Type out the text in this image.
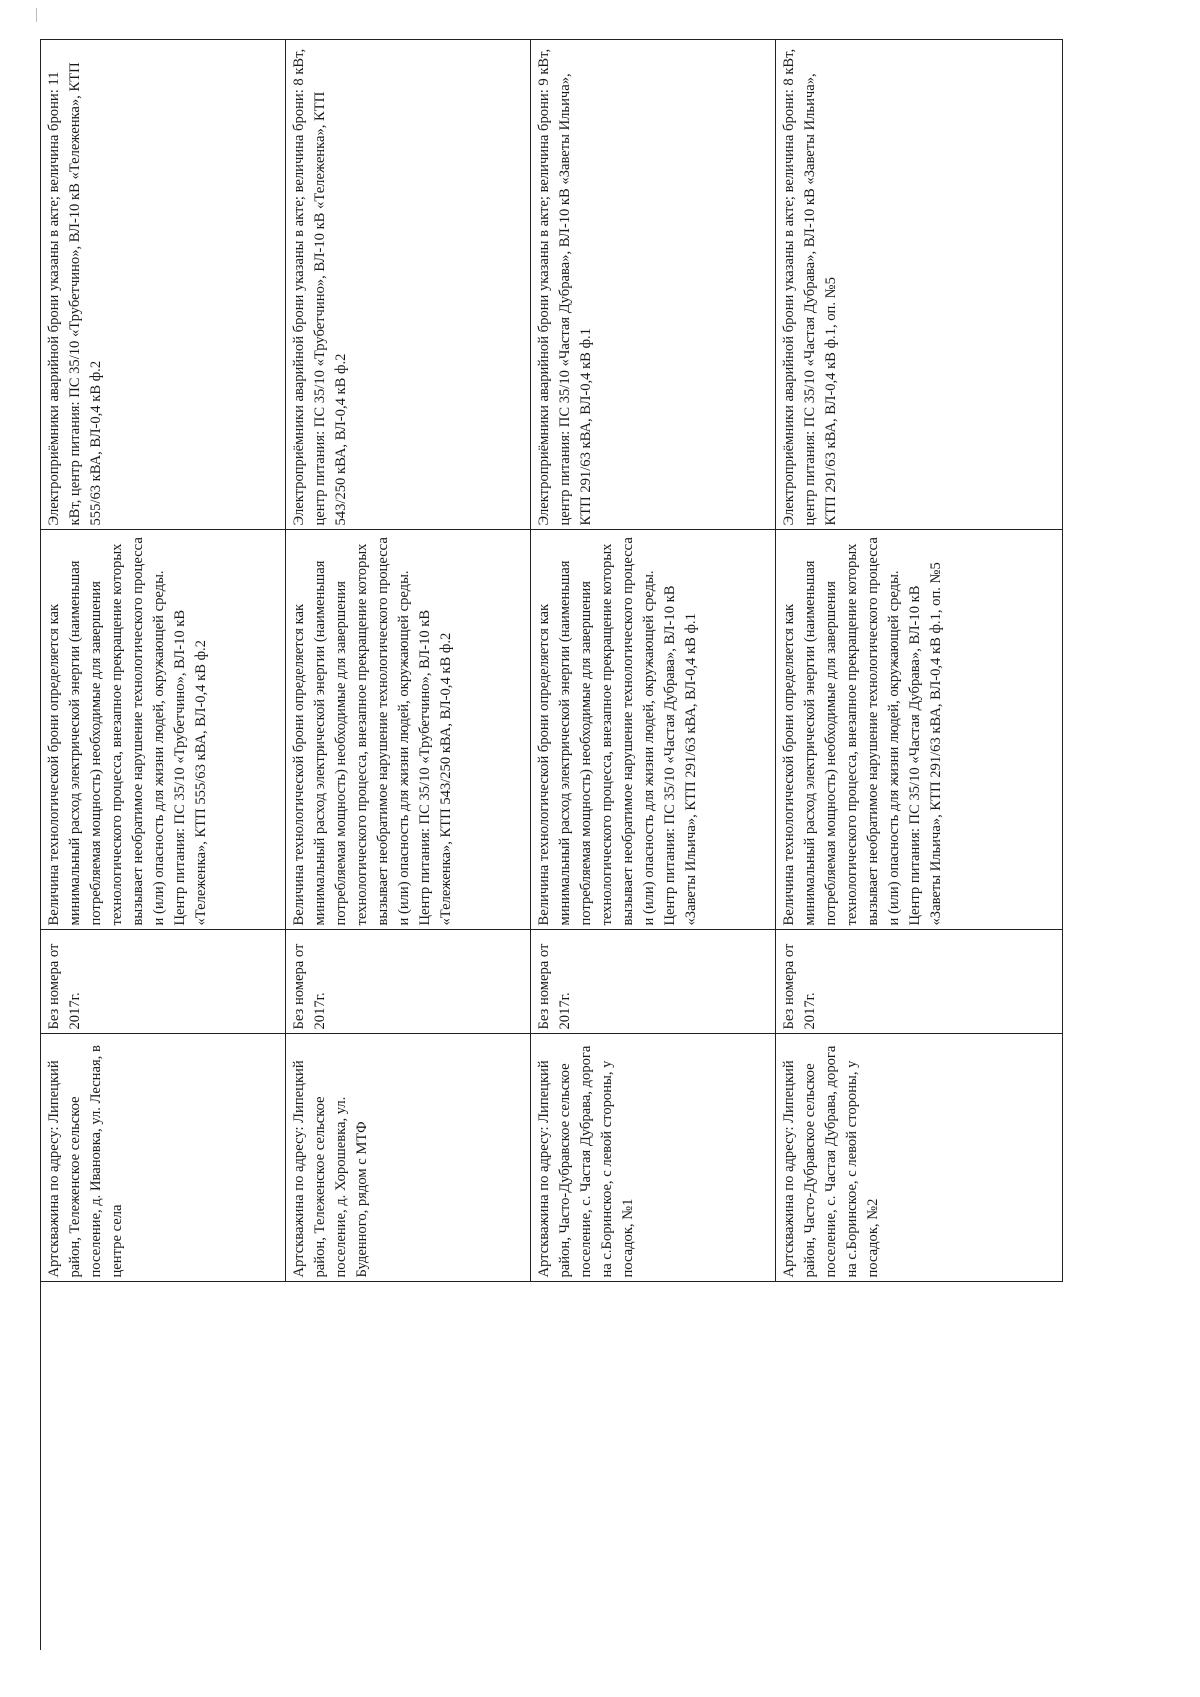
	Артскважина по адресу: Липецкий район, Тележенское сельское поселение, д. Ивановка, ул. Лесная, в центре села	Без номера от 2017г.	Величина технологической брони определяется как минимальный расход электрической энергии (наименьшая потребляемая мощность) необходимые для завершения технологического процесса, внезапное прекращение которых вызывает необратимое нарушение технологического процесса и (или) опасность для жизни людей, окружающей среды. Центр питания: ПС 35/10 «Трубетчино», ВЛ-10 кВ «Тележенка», КТП 555/63 кВА, ВЛ-0,4 кВ ф.2	Электроприёмники аварийной брони указаны в акте; величина брони: 11 кВт, центр питания: ПС 35/10 «Трубетчино», ВЛ-10 кВ «Тележенка», КТП 555/63 кВА, ВЛ-0,4 кВ ф.2
	Артскважина по адресу: Липецкий район, Тележенское сельское поселение, д. Хорошевка, ул. Буденного, рядом с МТФ	Без номера от 2017г.	Величина технологической брони определяется как минимальный расход электрической энергии (наименьшая потребляемая мощность) необходимые для завершения технологического процесса, внезапное прекращение которых вызывает необратимое нарушение технологического процесса и (или) опасность для жизни людей, окружающей среды. Центр питания: ПС 35/10 «Трубетчино», ВЛ-10 кВ «Тележенка», КТП 543/250 кВА, ВЛ-0,4 кВ ф.2	Электроприёмники аварийной брони указаны в акте; величина брони: 8 кВт, центр питания: ПС 35/10 «Трубетчино», ВЛ-10 кВ «Тележенка», КТП 543/250 кВА, ВЛ-0,4 кВ ф.2
	Артскважина по адресу: Липецкий район, Часто-Дубравское сельское поселение, с. Частая Дубрава, дорога на с.Боринское, с левой стороны, у посадок, №1	Без номера от 2017г.	Величина технологической брони определяется как минимальный расход электрической энергии (наименьшая потребляемая мощность) необходимые для завершения технологического процесса, внезапное прекращение которых вызывает необратимое нарушение технологического процесса и (или) опасность для жизни людей, окружающей среды. Центр питания: ПС 35/10 «Частая Дубрава», ВЛ-10 кВ «Заветы Ильича», КТП 291/63 кВА, ВЛ-0,4 кВ ф.1	Электроприёмники аварийной брони указаны в акте; величина брони: 9 кВт, центр питания: ПС 35/10 «Частая Дубрава», ВЛ-10 кВ «Заветы Ильича», КТП 291/63 кВА, ВЛ-0,4 кВ ф.1
	Артскважина по адресу: Липецкий район, Часто-Дубравское сельское поселение, с. Частая Дубрава, дорога на с.Боринское, с левой стороны, у посадок, №2	Без номера от 2017г.	Величина технологической брони определяется как минимальный расход электрической энергии (наименьшая потребляемая мощность) необходимые для завершения технологического процесса, внезапное прекращение которых вызывает необратимое нарушение технологического процесса и (или) опасность для жизни людей, окружающей среды. Центр питания: ПС 35/10 «Частая Дубрава», ВЛ-10 кВ «Заветы Ильича», КТП 291/63 кВА, ВЛ-0,4 кВ ф.1, оп. №5	Электроприёмники аварийной брони указаны в акте; величина брони: 8 кВт, центр питания: ПС 35/10 «Частая Дубрава», ВЛ-10 кВ «Заветы Ильича», КТП 291/63 кВА, ВЛ-0,4 кВ ф.1, оп. №5
